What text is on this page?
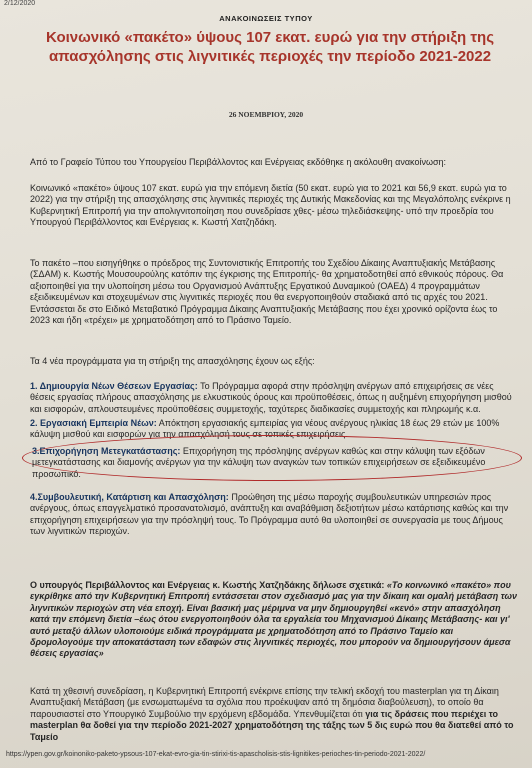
2/12/2020
ΑΝΑΚΟΙΝΩΣΕΙΣ ΤΥΠΟΥ
Κοινωνικό «πακέτο» ύψους 107 εκατ. ευρώ για την στήριξη της απασχόλησης στις λιγνιτικές περιοχές την περίοδο 2021-2022
26 ΝΟΕΜΒΡΙΟΥ, 2020
Από το Γραφείο Τύπου του Υπουργείου Περιβάλλοντος και Ενέργειας εκδόθηκε η ακόλουθη ανακοίνωση:
Κοινωνικό «πακέτο» ύψους 107 εκατ. ευρώ για την επόμενη διετία (50 εκατ. ευρώ για το 2021 και 56,9 εκατ. ευρώ για το 2022) για την στήριξη της απασχόλησης στις λιγνιτικές περιοχές της Δυτικής Μακεδονίας και της Μεγαλόπολης ενέκρινε η Κυβερνητική Επιτροπή για την απολιγνιτοποίηση που συνεδρίασε χθες- μέσω τηλεδιάσκεψης- υπό την προεδρία του Υπουργού Περιβάλλοντος και Ενέργειας κ. Κωστή Χατζηδάκη.
Το πακέτο –που εισηγήθηκε ο πρόεδρος της Συντονιστικής Επιτροπής του Σχεδίου Δίκαιης Αναπτυξιακής Μετάβασης (ΣΔΑΜ) κ. Κωστής Μουσουρούλης κατόπιν της έγκρισης της Επιτροπής- θα χρηματοδοτηθεί από εθνικούς πόρους. Θα αξιοποιηθεί για την υλοποίηση μέσω του Οργανισμού Ανάπτυξης Εργατικού Δυναμικού (ΟΑΕΔ) 4 προγραμμάτων εξειδικευμένων και στοχευμένων στις λιγνιτικές περιοχές που θα ενεργοποιηθούν σταδιακά από τις αρχές του 2021. Εντάσσεται δε στο Ειδικό Μεταβατικό Πρόγραμμα Δίκαιης Αναπτυξιακής Μετάβασης που έχει χρονικό ορίζοντα έως το 2023 και ήδη «τρέχει» με χρηματοδότηση από το Πράσινο Ταμείο.
Τα 4 νέα προγράμματα για τη στήριξη της απασχόλησης έχουν ως εξής:
1. Δημιουργία Νέων Θέσεων Εργασίας: Το Πρόγραμμα αφορά στην πρόσληψη ανέργων από επιχειρήσεις σε νέες θέσεις εργασίας πλήρους απασχόλησης με ελκυστικούς όρους και προϋποθέσεις, όπως η αυξημένη επιχορήγηση μισθού και εισφορών, απλουστευμένες προϋποθέσεις συμμετοχής, ταχύτερες διαδικασίες συμμετοχής και πληρωμής κ.α.
2. Εργασιακή Εμπειρία Νέων: Απόκτηση εργασιακής εμπειρίας για νέους ανέργους ηλικίας 18 έως 29 ετών με 100% κάλυψη μισθού και εισφορών για την απασχόλησή τους σε τοπικές επιχειρήσεις.
3.Επιχορήγηση Μετεγκατάστασης: Επιχορήγηση της πρόσληψης ανέργων καθώς και στην κάλυψη των εξόδων μετεγκατάστασης και διαμονής ανέργων για την κάλυψη των αναγκών των τοπικών επιχειρήσεων σε εξειδικευμένο προσωπικό.
4.Συμβουλευτική, Κατάρτιση και Απασχόληση: Προώθηση της μέσω παροχής συμβουλευτικών υπηρεσιών προς ανέργους, όπως επαγγελματικό προσανατολισμό, ανάπτυξη και αναβάθμιση δεξιοτήτων μέσω κατάρτισης καθώς και την επιχορήγηση επιχειρήσεων για την πρόσληψή τους. Το Πρόγραμμα αυτό θα υλοποιηθεί σε συνεργασία με τους Δήμους των λιγνιτικών περιοχών.
Ο υπουργός Περιβάλλοντος και Ενέργειας κ. Κωστής Χατζηδάκης δήλωσε σχετικά: «Το κοινωνικό «πακέτο» που εγκρίθηκε από την Κυβερνητική Επιτροπή εντάσσεται στον σχεδιασμό μας για την δίκαιη και ομαλή μετάβαση των λιγνιτικών περιοχών στη νέα εποχή. Είναι βασική μας μέριμνα να μην δημιουργηθεί «κενό» στην απασχόληση κατά την επόμενη διετία –έως ότου ενεργοποιηθούν όλα τα εργαλεία του Μηχανισμού Δίκαιης Μετάβασης- και γι' αυτό μεταξύ άλλων υλοποιούμε ειδικά προγράμματα με χρηματοδότηση από το Πράσινο Ταμείο και δρομολογούμε την αποκατάσταση των εδαφών στις λιγνιτικές περιοχές, που μπορούν να δημιουργήσουν άμεσα θέσεις εργασίας»
Κατά τη χθεσινή συνεδρίαση, η Κυβερνητική Επιτροπή ενέκρινε επίσης την τελική εκδοχή του masterplan για τη Δίκαιη Αναπτυξιακή Μετάβαση (με ενσωματωμένα τα σχόλια που προέκυψαν από τη δημόσια διαβούλευση), το οποίο θα παρουσιαστεί στο Υπουργικό Συμβούλιο την ερχόμενη εβδομάδα. Υπενθυμίζεται ότι για τις δράσεις που περιέχει το masterplan θα δοθεί για την περίοδο 2021-2027 χρηματοδότηση της τάξης των 5 δις ευρώ που θα διατεθεί από το Ταμείο
https://ypen.gov.gr/koinoniko-paketo-ypsous-107-ekat-evro-gia-tin-stirixi-tis-apascholisis-stis-lignitikes-perioches-tin-periodo-2021-2022/
